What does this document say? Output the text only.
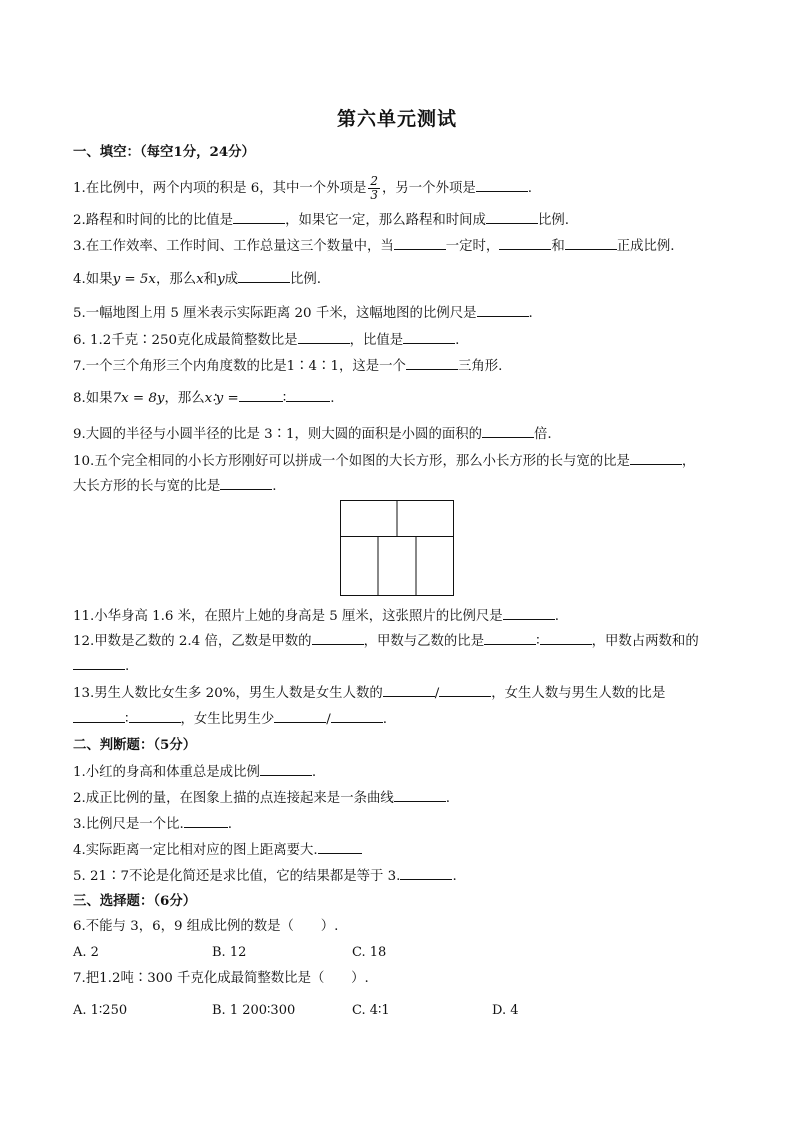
第六单元测试
一、填空：（每空1分，24分）
1.在比例中，两个内项的积是 6，其中一个外项是 $\frac{2}{3}$ ，另一个外项是	.
2.路程和时间的比的比值是	，如果它一定，那么路程和时间成	比例.
3.在工作效率、工作时间、工作总量这三个数量中，当	一定时，	和	正成比例.
4.如果y = 5x，那么x和y成	比例.
5.一幅地图上用 5 厘米表示实际距离 20 千米，这幅地图的比例尺是	.
6. 1.2千克∶250克化成最简整数比是	，比值是	.
7.一个三个角形三个内角度数的比是1∶4∶1，这是一个	三角形.
8.如果7x = 8y，那么x∶y =	∶	.
9.大圆的半径与小圆半径的比是 3∶1，则大圆的面积是小圆的面积的	倍.
10.五个完全相同的小长方形刚好可以拼成一个如图的大长方形，那么小长方形的长与宽的比是	，
大长方形的长与宽的比是	.
11.小华身高 1.6 米，在照片上她的身高是 5 厘米，这张照片的比例尺是	.
12.甲数是乙数的 2.4 倍，乙数是甲数的	，甲数与乙数的比是	∶	，甲数占两数和的
.
13.男生人数比女生多 20%，男生人数是女生人数的	/	，女生人数与男生人数的比是
∶	，女生比男生少	/	.
二、判断题：（5分）
1.小红的身高和体重总是成比例	.
2.成正比例的量，在图象上描的点连接起来是一条曲线	.
3.比例尺是一个比.	.
4.实际距离一定比相对应的图上距离要大.
5. 21∶7不论是化简还是求比值，它的结果都是等于 3.	.
三、选择题：（6分）
6.不能与 3，6，9 组成比例的数是（　　）.
A. 2	B. 12	C. 18
7.把1.2吨∶300 千克化成最简整数比是（　　）.
A. 1∶250	B. 1 200∶300	C. 4∶1	D. 4
